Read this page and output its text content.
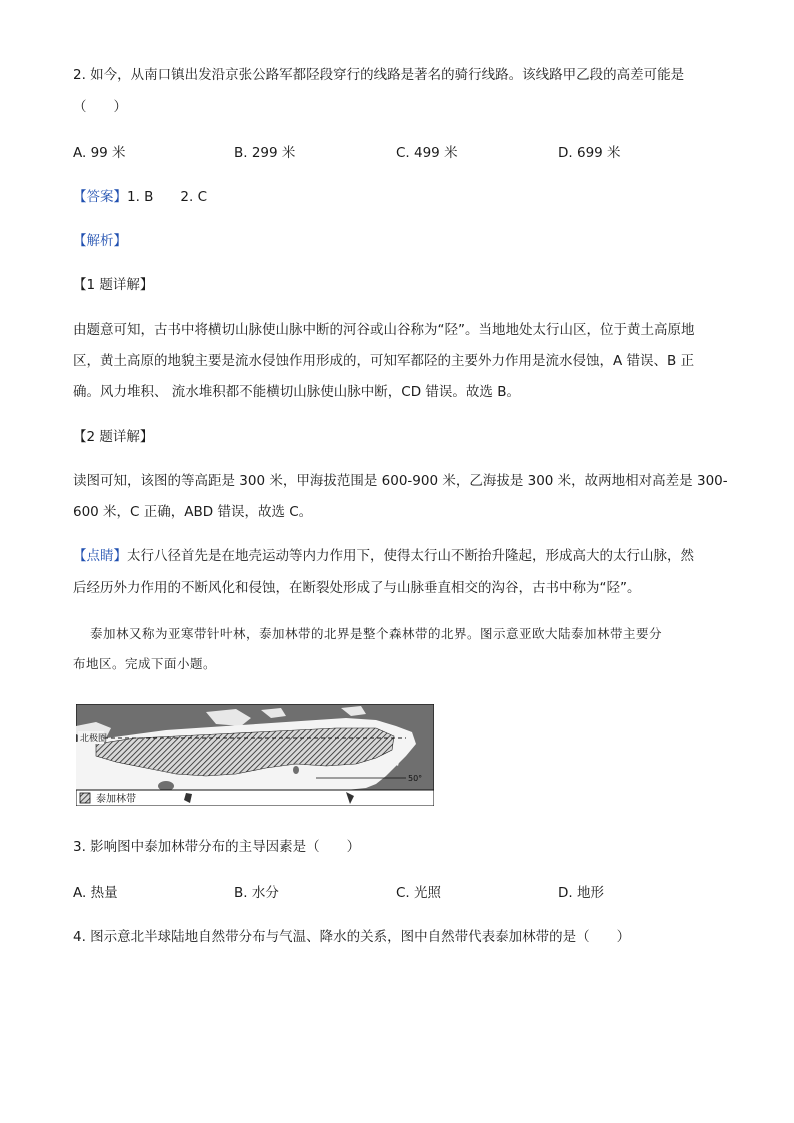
2. 如今，从南口镇出发沿京张公路军都陉段穿行的线路是著名的骑行线路。该线路甲乙段的高差可能是
（　　）
A. 99 米	B. 299 米	C. 499 米	D. 699 米
【答案】1. B　　2. C
【解析】
【1 题详解】
由题意可知，古书中将横切山脉使山脉中断的河谷或山谷称为“陉”。当地地处太行山区，位于黄土高原地
区，黄土高原的地貌主要是流水侵蚀作用形成的，可知军都陉的主要外力作用是流水侵蚀，A 错误、B 正
确。风力堆积、 流水堆积都不能横切山脉使山脉中断，CD 错误。故选 B。
【2 题详解】
读图可知，该图的等高距是 300 米，甲海拔范围是 600-900 米，乙海拔是 300 米，故两地相对高差是 300-
600 米，C 正确，ABD 错误，故选 C。
【点睛】太行八径首先是在地壳运动等内力作用下，使得太行山不断抬升隆起，形成高大的太行山脉，然
后经历外力作用的不断风化和侵蚀，在断裂处形成了与山脉垂直相交的沟谷，古书中称为“陉”。
泰加林又称为亚寒带针叶林，泰加林带的北界是整个森林带的北界。图示意亚欧大陆泰加林带主要分
布地区。完成下面小题。
北极圈
50°
泰加林带
3. 影响图中泰加林带分布的主导因素是（　　）
A. 热量	B. 水分	C. 光照	D. 地形
4. 图示意北半球陆地自然带分布与气温、降水的关系，图中自然带代表泰加林带的是（　　）
